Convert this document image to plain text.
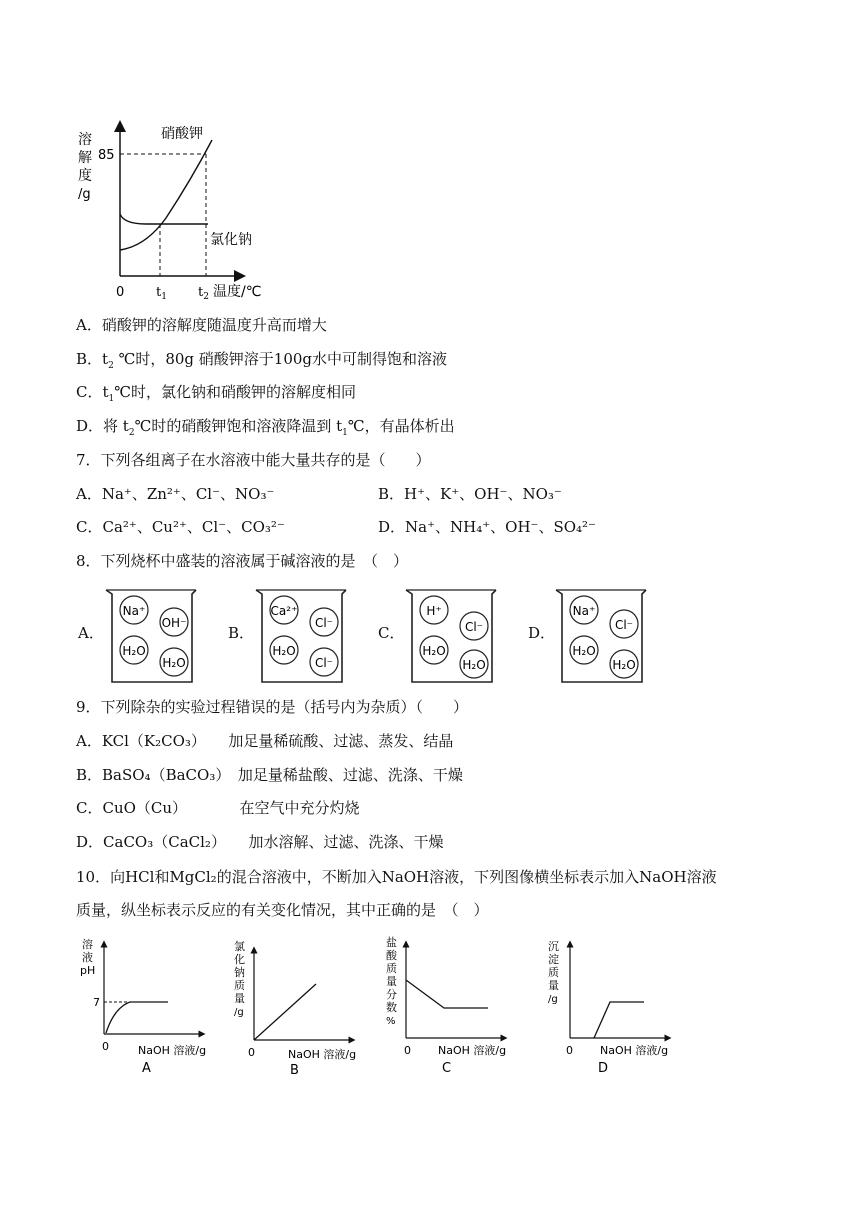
溶
解
度
/g
85
硝酸钾
氯化钠
0 $t_1$ $t_2$ 温度/℃
A．硝酸钾的溶解度随温度升高而增大
B．$t_2$ ℃时，80g 硝酸钾溶于100g水中可制得饱和溶液
C．$t_1℃$时，氯化钠和硝酸钾的溶解度相同
D．将 $t_2℃$时的硝酸钾饱和溶液降温到 $t_1℃$，有晶体析出
7．下列各组离子在水溶液中能大量共存的是（　　）
A．Na⁺、Zn²⁺、Cl⁻、NO₃⁻	B．H⁺、K⁺、OH⁻、NO₃⁻
C．Ca²⁺、Cu²⁺、Cl⁻、CO₃²⁻	D．Na⁺、NH₄⁺、OH⁻、SO₄²⁻
8．下列烧杯中盛装的溶液属于碱溶液的是　（　）
A．	B．	C．	D．
Na⁺
OH⁻
H₂O
H₂O
Ca²⁺
Cl⁻
H₂O
Cl⁻
H⁺
Cl⁻
H₂O
H₂O
Na⁺
Cl⁻
H₂O
H₂O
9．下列除杂的实验过程错误的是（括号内为杂质）（　　）
A．KCl（K₂CO₃）　　加足量稀硫酸、过滤、蒸发、结晶
B．BaSO₄（BaCO₃）　加足量稀盐酸、过滤、洗涤、干燥
C．CuO（Cu）　　　　在空气中充分灼烧
D．CaCO₃（CaCl₂）　　加水溶解、过滤、洗涤、干燥
10．向HCl和MgCl₂的混合溶液中，不断加入NaOH溶液，下列图像横坐标表示加入NaOH溶液
质量，纵坐标表示反应的有关变化情况，其中正确的是　（　）
溶
液
pH
7
0	NaOH 溶液/g
A
氯
化
钠
质
量
/g
0	NaOH 溶液/g
B
盐
酸
质
量
分
数
%
0 NaOH 溶液/g
C
沉
淀
质
量
/g
0 NaOH 溶液/g
D
